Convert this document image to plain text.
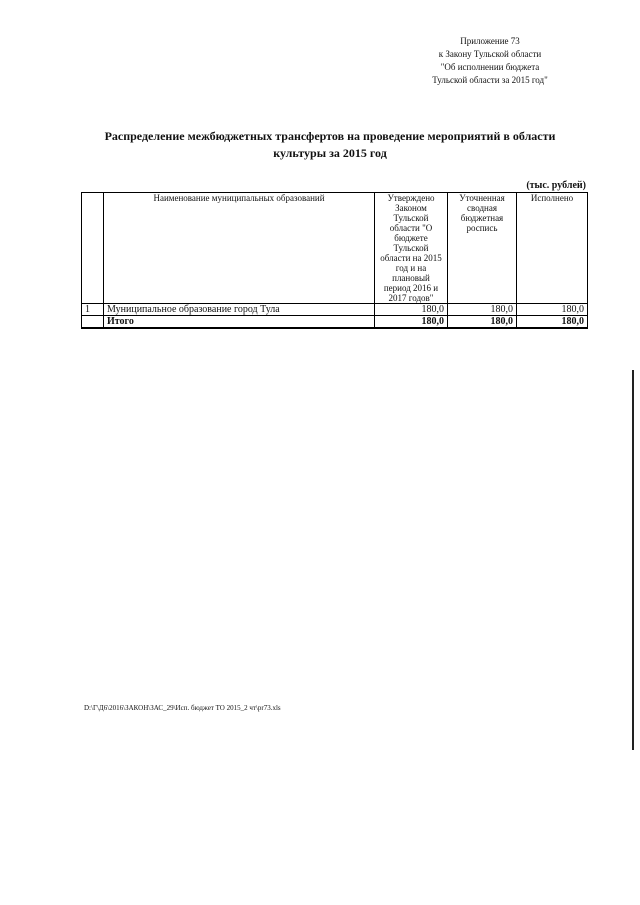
Приложение 73
к Закону Тульской области
"Об исполнении бюджета
Тульской области за 2015 год"
Распределение межбюджетных трансфертов на проведение мероприятий в области
культуры за 2015 год
(тыс. рублей)
	Наименование муниципальных образований	Утверждено Законом Тульской области "О бюджете Тульской области на 2015 год и на плановый период 2016 и 2017 годов"	Уточненная сводная бюджетная роспись	Исполнено
1	Муниципальное образование город Тула	180,0	180,0	180,0
	Итого	180,0	180,0	180,0
D:\Г\Д6\2016\ЗАКОН\ЗАС_29\Исп. бюджет ТО 2015_2 чт\pr73.xls
